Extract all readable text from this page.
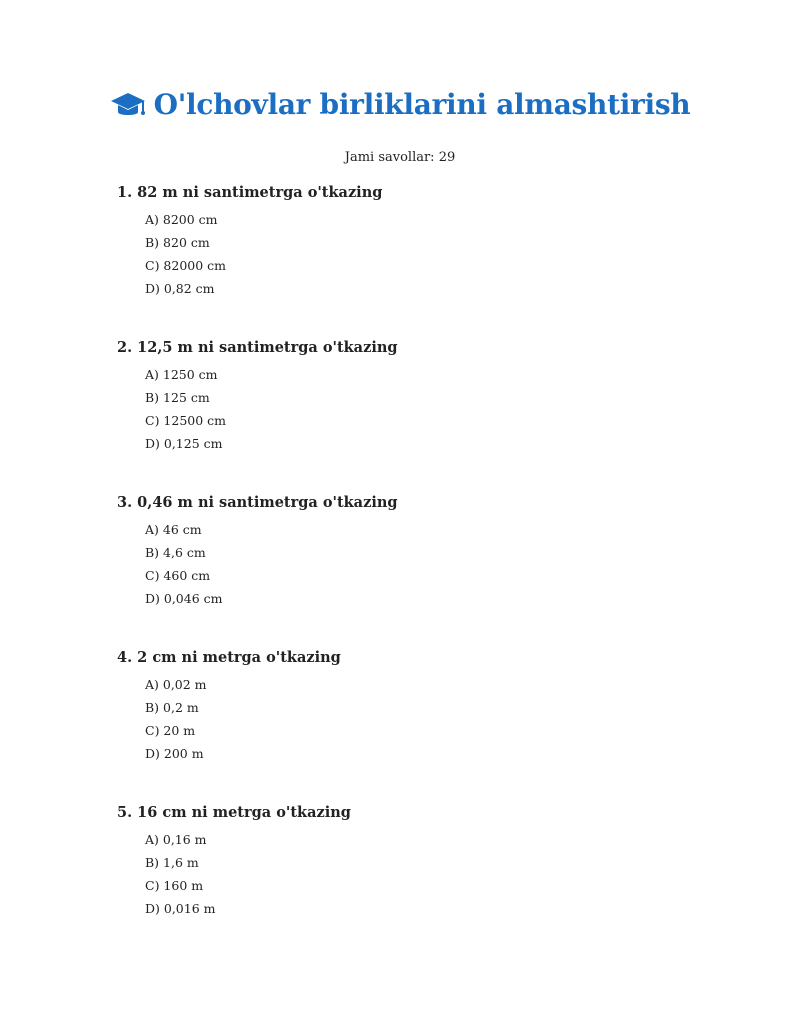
O'lchovlar birliklarini almashtirish
Jami savollar: 29
1. 82 m ni santimetrga o'tkazing
A) 8200 cm
B) 820 cm
C) 82000 cm
D) 0,82 cm
2. 12,5 m ni santimetrga o'tkazing
A) 1250 cm
B) 125 cm
C) 12500 cm
D) 0,125 cm
3. 0,46 m ni santimetrga o'tkazing
A) 46 cm
B) 4,6 cm
C) 460 cm
D) 0,046 cm
4. 2 cm ni metrga o'tkazing
A) 0,02 m
B) 0,2 m
C) 20 m
D) 200 m
5. 16 cm ni metrga o'tkazing
A) 0,16 m
B) 1,6 m
C) 160 m
D) 0,016 m
